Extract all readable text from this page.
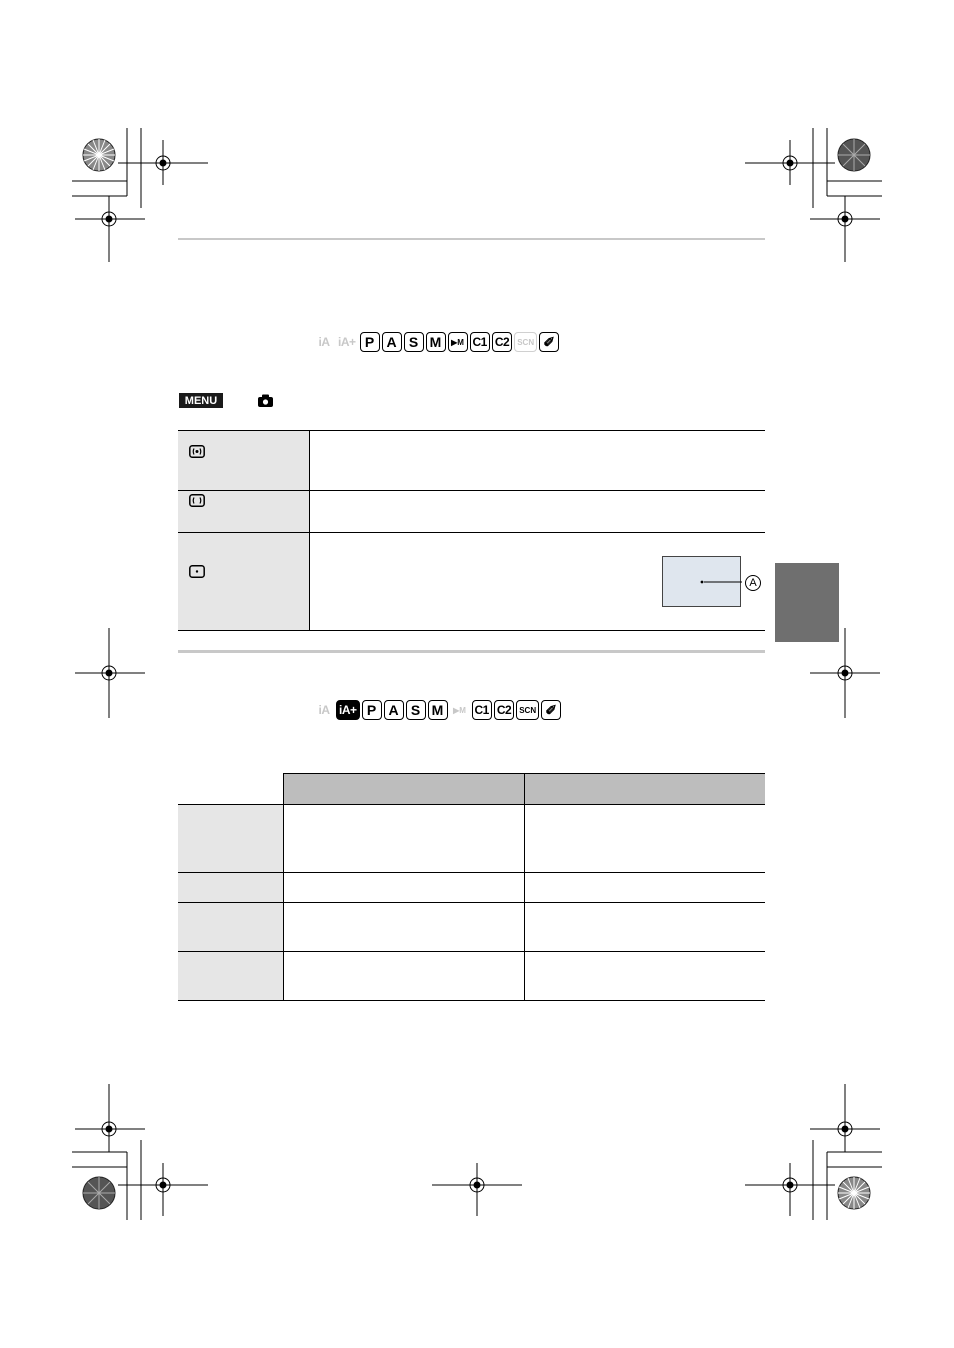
iA iA+ P A S M	▶M C1 C2	SCN ✐
MENU
A
iA iA+ P A S M	▶M C1 C2	SCN ✐
